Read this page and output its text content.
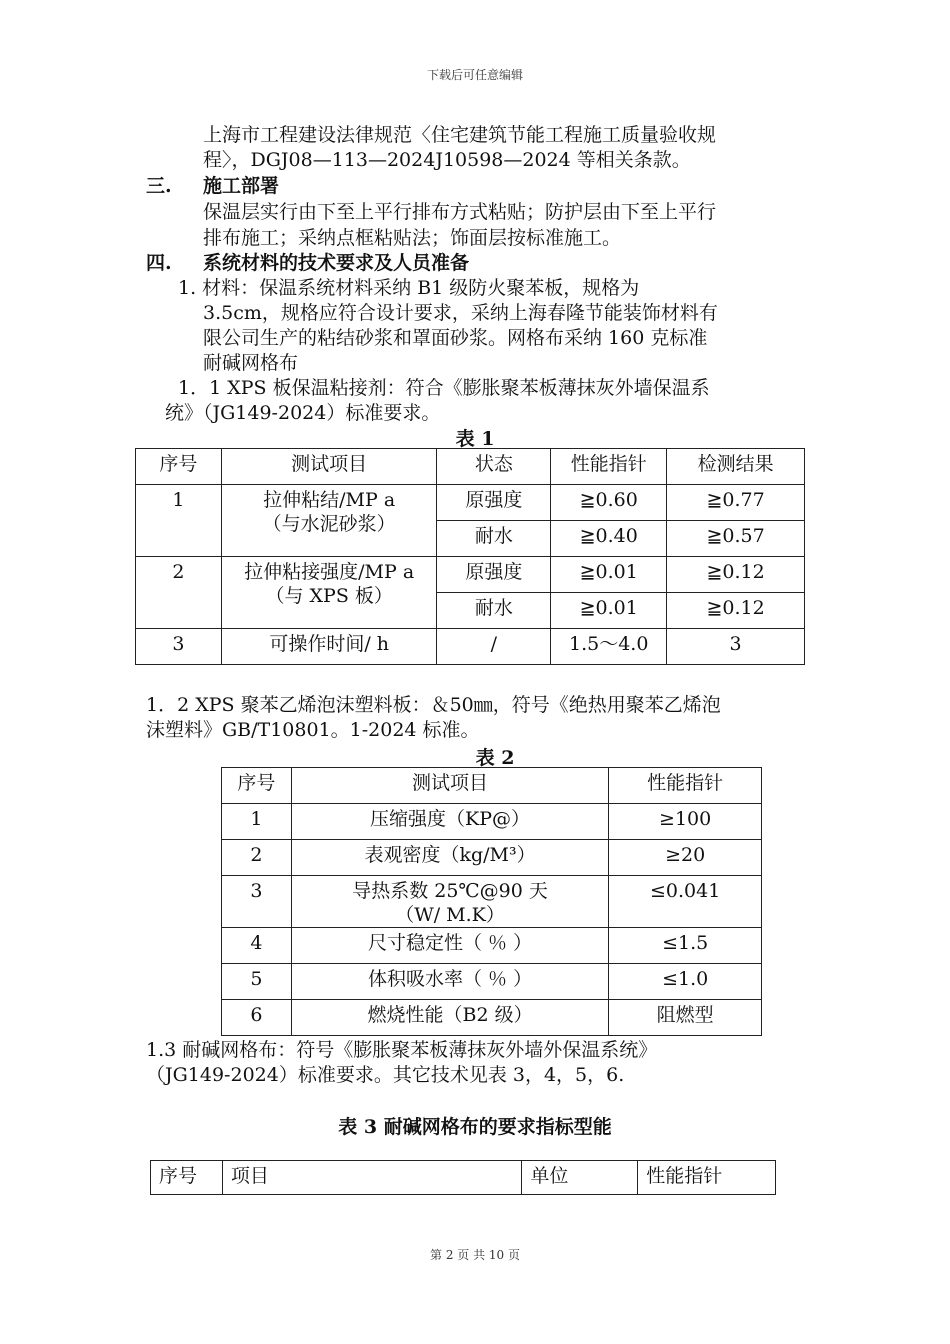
下载后可任意编辑
上海市工程建设法律规范〈住宅建筑节能工程施工质量验收规
程〉，DGJ08—113—2024J10598—2024 等相关条款。
三. 施工部署
保温层实行由下至上平行排布方式粘贴；防护层由下至上平行
排布施工；采纳点框粘贴法；饰面层按标准施工。
四. 系统材料的技术要求及人员准备
1. 材料：保温系统材料采纳 B1 级防火聚苯板，规格为
3.5cm，规格应符合设计要求，采纳上海春隆节能装饰材料有
限公司生产的粘结砂浆和罩面砂浆。网格布采纳 160 克标准
耐碱网格布
1．1 XPS 板保温粘接剂：符合《膨胀聚苯板薄抹灰外墙保温系
统》（JG149-2024）标准要求。
表 1
序号	测试项目	状态	性能指针	检测结果
1	拉伸粘结/MP a
（与水泥砂浆）	原强度	≧0.60	≧0.77
		耐水	≧0.40	≧0.57
2	拉伸粘接强度/MP a
（与 XPS 板）	原强度	≧0.01	≧0.12
		耐水	≧0.01	≧0.12
3	可操作时间/ h	/	1.5～4.0	3
1．2 XPS 聚苯乙烯泡沫塑料板：＆50㎜，符号《绝热用聚苯乙烯泡
沫塑料》GB/T10801。1-2024 标准。
表 2
序号	测试项目	性能指针
1	压缩强度（KP@）	≥100
2	表观密度（kg/M³）	≥20
3	导热系数 25℃@90 天（W/ M.K）	≤0.041
4	尺寸稳定性（ ％ ）	≤1.5
5	体积吸水率（ ％ ）	≤1.0
6	燃烧性能（B2 级）	阻燃型
1.3 耐碱网格布：符号《膨胀聚苯板薄抹灰外墙外保温系统》
（JG149-2024）标准要求。其它技术见表 3，4，5，6.
表 3 耐碱网格布的要求指标型能
序号	项目	单位	性能指针
第 2 页 共 10 页
